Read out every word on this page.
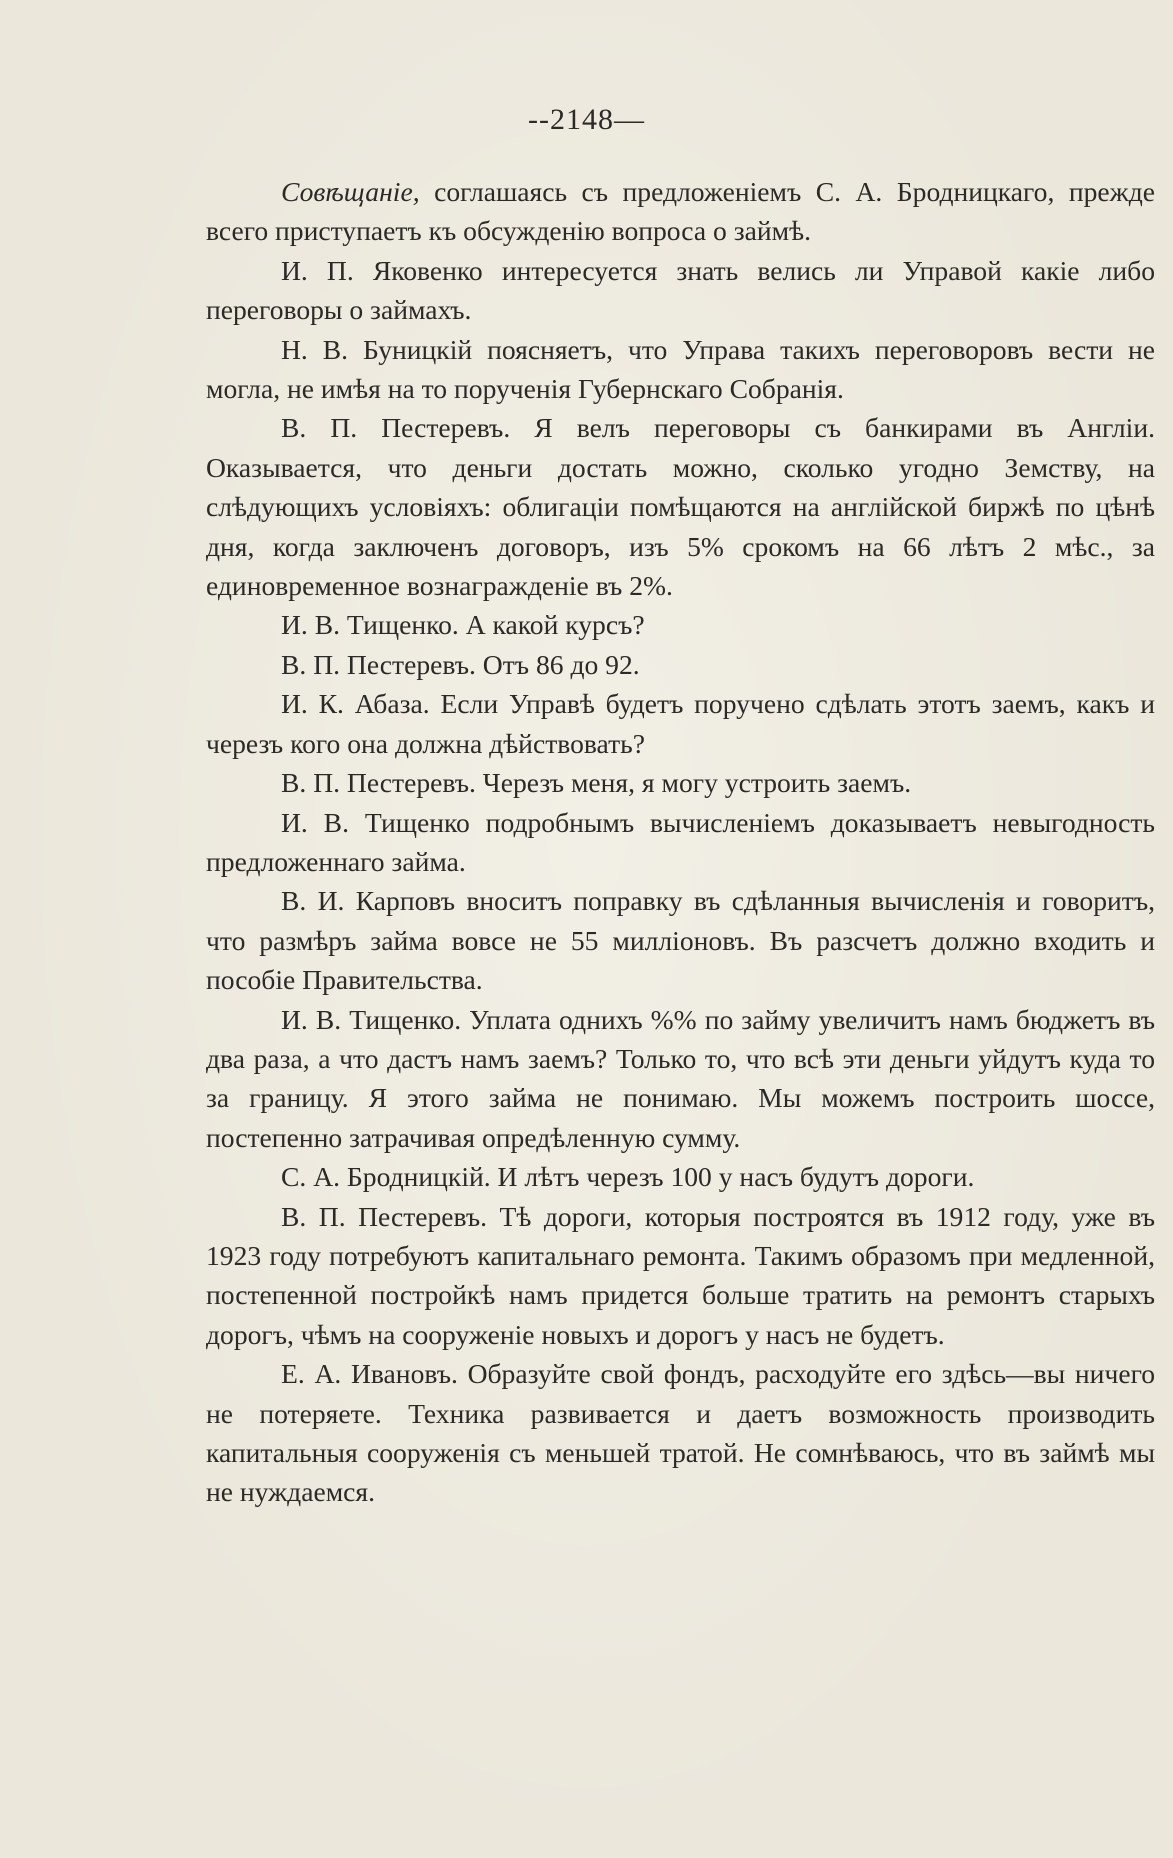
--2148—

Совѣщаніе, соглашаясь съ предложеніемъ С. А. Бродницкаго, прежде всего приступаетъ къ обсужденію вопроса о займѣ.

И. П. Яковенко интересуется знать велись ли Управой какіе либо переговоры о займахъ.

Н. В. Буницкій поясняетъ, что Управа такихъ переговоровъ вести не могла, не имѣя на то порученія Губернскаго Собранія.

В. П. Пестеревъ. Я велъ переговоры съ банкирами въ Англіи. Оказывается, что деньги достать можно, сколько угодно Земству, на слѣдующихъ условіяхъ: облигаціи помѣщаются на англійской биржѣ по цѣнѣ дня, когда заключенъ договоръ, изъ 5% срокомъ на 66 лѣтъ 2 мѣс., за единовременное вознагражденіе въ 2%.

И. В. Тищенко. А какой курсъ?

В. П. Пестеревъ. Отъ 86 до 92.

И. К. Абаза. Если Управѣ будетъ поручено сдѣлать этотъ заемъ, какъ и черезъ кого она должна дѣйствовать?

В. П. Пестеревъ. Черезъ меня, я могу устроить заемъ.

И. В. Тищенко подробнымъ вычисленіемъ доказываетъ невыгодность предложеннаго займа.

В. И. Карповъ вноситъ поправку въ сдѣланныя вычисленія и говоритъ, что размѣръ займа вовсе не 55 милліоновъ. Въ разсчетъ должно входить и пособіе Правительства.

И. В. Тищенко. Уплата однихъ %% по займу увеличитъ намъ бюджетъ въ два раза, а что дастъ намъ заемъ? Только то, что всѣ эти деньги уйдутъ куда то за границу. Я этого займа не понимаю. Мы можемъ построить шоссе, постепенно затрачивая опредѣленную сумму.

С. А. Бродницкій. И лѣтъ черезъ 100 у насъ будутъ дороги.

В. П. Пестеревъ. Тѣ дороги, которыя построятся въ 1912 году, уже въ 1923 году потребуютъ капитальнаго ремонта. Такимъ образомъ при медленной, постепенной постройкѣ намъ придется больше тратить на ремонтъ старыхъ дорогъ, чѣмъ на сооруженіе новыхъ и дорогъ у насъ не будетъ.

Е. А. Ивановъ. Образуйте свой фондъ, расходуйте его здѣсь—вы ничего не потеряете. Техника развивается и даетъ возможность производить капитальныя сооруженія съ меньшей тратой. Не сомнѣваюсь, что въ займѣ мы не нуждаемся.
